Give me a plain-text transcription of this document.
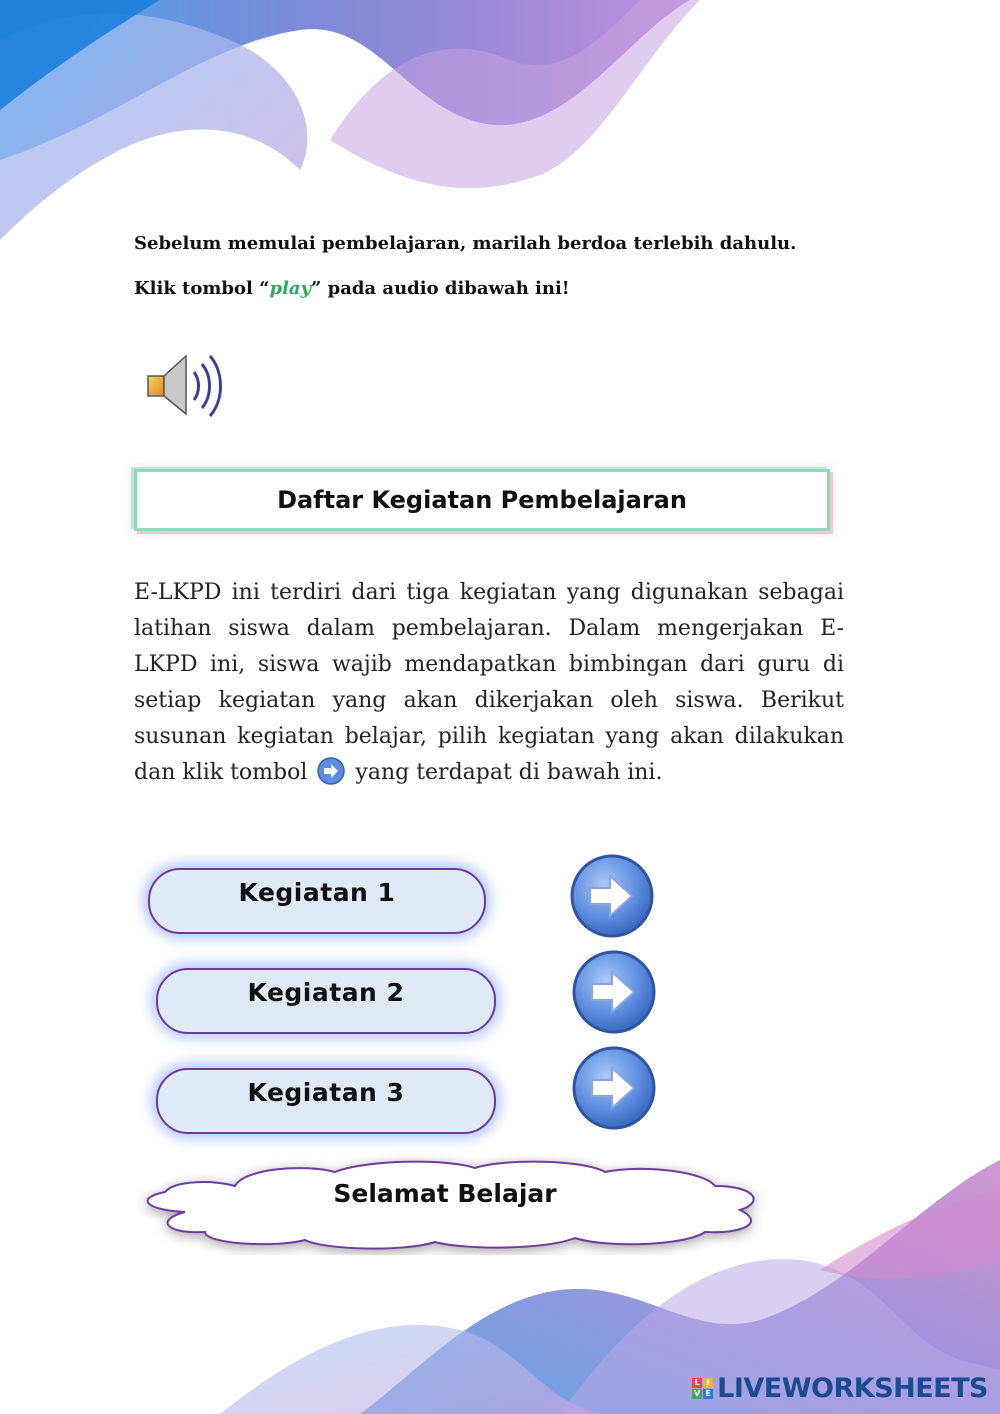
Sebelum memulai pembelajaran, marilah berdoa terlebih dahulu.

Klik tombol “play” pada audio dibawah ini!

Daftar Kegiatan Pembelajaran

E-LKPD ini terdiri dari tiga kegiatan yang digunakan sebagai latihan siswa dalam pembelajaran. Dalam mengerjakan E-LKPD ini, siswa wajib mendapatkan bimbingan dari guru di setiap kegiatan yang akan dikerjakan oleh siswa. Berikut susunan kegiatan belajar, pilih kegiatan yang akan dilakukan dan klik tombol yang terdapat di bawah ini.

Kegiatan 1
Kegiatan 2
Kegiatan 3
Selamat Belajar
L I
V E LIVEWORKSHEETS
